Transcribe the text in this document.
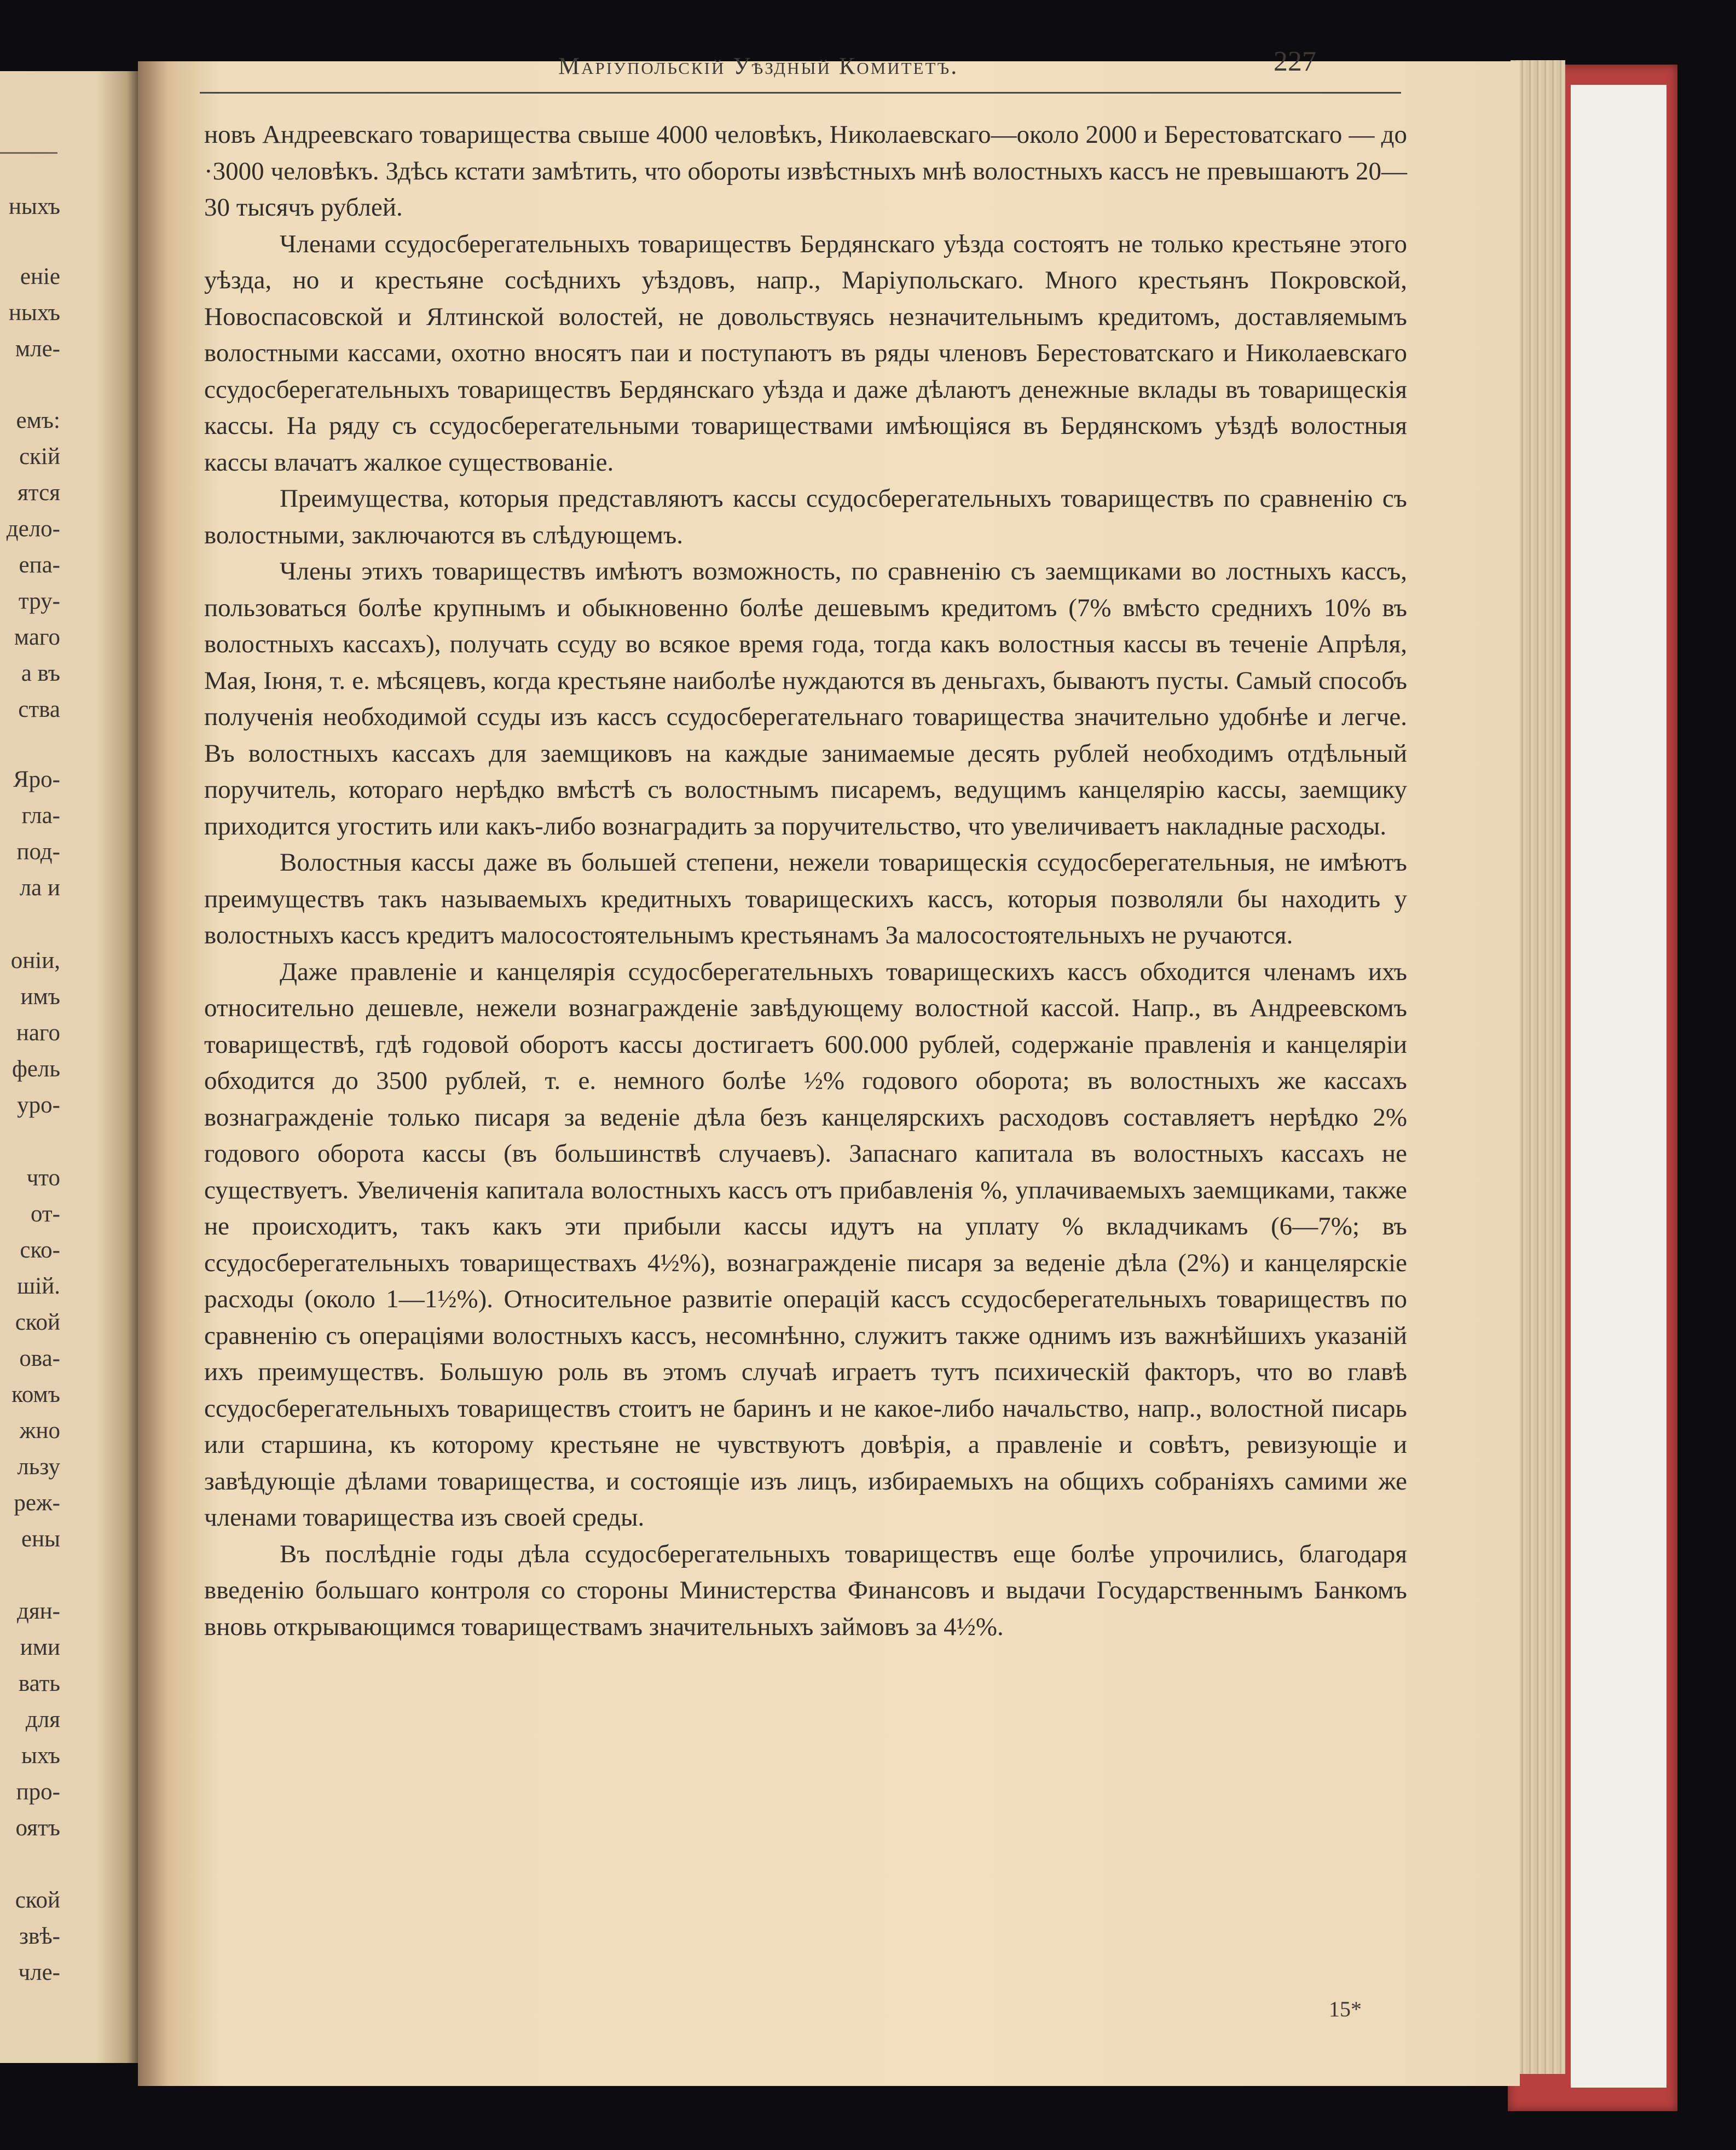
ныхъ
еніе
ныхъ
мле-
емъ:
скій
ятся
дело-
епа-
тру-
маго
а въ
ства
Яро-
гла-
под-
ла и
оніи,
имъ
наго
фель
уро-
что
от-
ско-
шій.
ской
ова-
комъ
жно
льзу
реж-
ены
дян-
ими
вать
для
ыхъ
про-
оятъ
ской
звѣ-
чле-
Маріупольскій Уѣздный Комитетъ.	227

новъ Андреевскаго товарищества свыше 4000 человѣкъ, Николаевскаго—около 2000 и Берестоватскаго — до ·3000 человѣкъ. Здѣсь кстати замѣтить, что обороты извѣстныхъ мнѣ волостныхъ кассъ не превышаютъ 20—30 тысячъ рублей.

Членами ссудосберегательныхъ товариществъ Бердянскаго уѣзда состоятъ не только крестьяне этого уѣзда, но и крестьяне сосѣднихъ уѣздовъ, напр., Маріупольскаго. Много крестьянъ Покровской, Новоспасовской и Ялтинской волостей, не довольствуясь незначительнымъ кредитомъ, доставляемымъ волостными кассами, охотно вносятъ паи и поступаютъ въ ряды членовъ Берестоватскаго и Николаевскаго ссудосберегательныхъ товариществъ Бердянскаго уѣзда и даже дѣлаютъ денежные вклады въ товарищескія кассы. На ряду съ ссудосберегательными товариществами имѣющіяся въ Бердянскомъ уѣздѣ волостныя кассы влачатъ жалкое существованіе.

Преимущества, которыя представляютъ кассы ссудосберегательныхъ товариществъ по сравненію съ волостными, заключаются въ слѣдующемъ.

Члены этихъ товариществъ имѣютъ возможность, по сравненію съ заемщиками во лостныхъ кассъ, пользоваться болѣе крупнымъ и обыкновенно болѣе дешевымъ кредитомъ (7% вмѣсто среднихъ 10% въ волостныхъ кассахъ), получать ссуду во всякое время года, тогда какъ волостныя кассы въ теченіе Апрѣля, Мая, Іюня, т. е. мѣсяцевъ, когда крестьяне наиболѣе нуждаются въ деньгахъ, бываютъ пусты. Самый способъ полученія необходимой ссуды изъ кассъ ссудосберегательнаго товарищества значительно удобнѣе и легче. Въ волостныхъ кассахъ для заемщиковъ на каждые занимаемые десять рублей необходимъ отдѣльный поручитель, котораго нерѣдко вмѣстѣ съ волостнымъ писаремъ, ведущимъ канцелярію кассы, заемщику приходится угостить или какъ-либо вознаградить за поручительство, что увеличиваетъ накладные расходы.

Волостныя кассы даже въ большей степени, нежели товарищескія ссудосберегательныя, не имѣютъ преимуществъ такъ называемыхъ кредитныхъ товарищескихъ кассъ, которыя позволяли бы находить у волостныхъ кассъ кредитъ малосостоятельнымъ крестьянамъ За малосостоятельныхъ не ручаются.

Даже правленіе и канцелярія ссудосберегательныхъ товарищескихъ кассъ обходится членамъ ихъ относительно дешевле, нежели вознагражденіе завѣдующему волостной кассой. Напр., въ Андреевскомъ товариществѣ, гдѣ годовой оборотъ кассы достигаетъ 600.000 рублей, содержаніе правленія и канцеляріи обходится до 3500 рублей, т. е. немного болѣе ½% годового оборота; въ волостныхъ же кассахъ вознагражденіе только писаря за веденіе дѣла безъ канцелярскихъ расходовъ составляетъ нерѣдко 2% годового оборота кассы (въ большинствѣ случаевъ). Запаснаго капитала въ волостныхъ кассахъ не существуетъ. Увеличенія капитала волостныхъ кассъ отъ прибавленія %, уплачиваемыхъ заемщиками, также не происходитъ, такъ какъ эти прибыли кассы идутъ на уплату % вкладчикамъ (6—7%; въ ссудосберегательныхъ товариществахъ 4½%), вознагражденіе писаря за веденіе дѣла (2%) и канцелярскіе расходы (около 1—1½%). Относительное развитіе операцій кассъ ссудосберегательныхъ товариществъ по сравненію съ операціями волостныхъ кассъ, несомнѣнно, служитъ также однимъ изъ важнѣйшихъ указаній ихъ преимуществъ. Большую роль въ этомъ случаѣ играетъ тутъ психическій факторъ, что во главѣ ссудосберегательныхъ товариществъ стоитъ не баринъ и не какое-либо начальство, напр., волостной писарь или старшина, къ которому крестьяне не чувствуютъ довѣрія, а правленіе и совѣтъ, ревизующіе и завѣдующіе дѣлами товарищества, и состоящіе изъ лицъ, избираемыхъ на общихъ собраніяхъ самими же членами товарищества изъ своей среды.

Въ послѣдніе годы дѣла ссудосберегательныхъ товариществъ еще болѣе упрочились, благодаря введенію большаго контроля со стороны Министерства Финансовъ и выдачи Государственнымъ Банкомъ вновь открывающимся товариществамъ значительныхъ займовъ за 4½%.

15*
